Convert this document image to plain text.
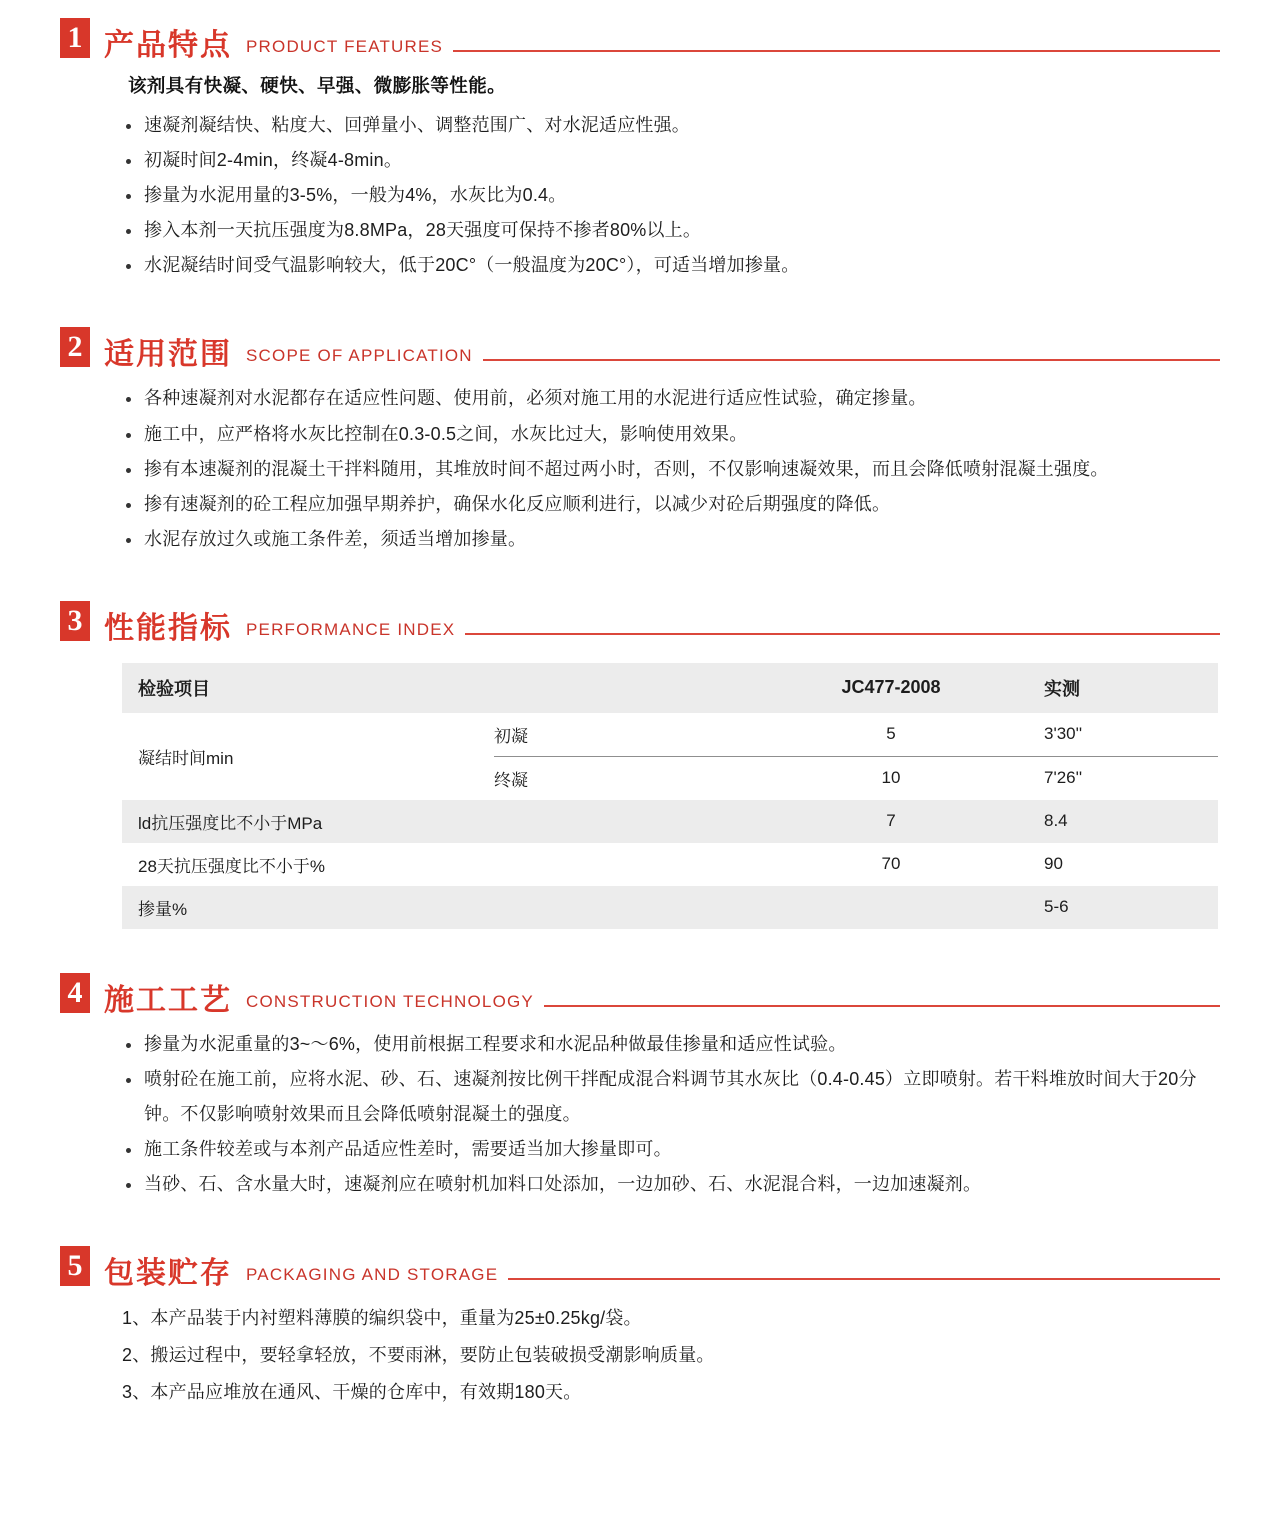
1 产品特点 PRODUCT FEATURES
该剂具有快凝、硬快、早强、微膨胀等性能。
速凝剂凝结快、粘度大、回弹量小、调整范围广、对水泥适应性强。
初凝时间2-4min，终凝4-8min。
掺量为水泥用量的3-5%，一般为4%，水灰比为0.4。
掺入本剂一天抗压强度为8.8MPa，28天强度可保持不掺者80%以上。
水泥凝结时间受气温影响较大，低于20C°（一般温度为20C°），可适当增加掺量。
2 适用范围 SCOPE OF APPLICATION
各种速凝剂对水泥都存在适应性问题、使用前，必须对施工用的水泥进行适应性试验，确定掺量。
施工中，应严格将水灰比控制在0.3-0.5之间，水灰比过大，影响使用效果。
掺有本速凝剂的混凝土干拌料随用，其堆放时间不超过两小时，否则，不仅影响速凝效果，而且会降低喷射混凝土强度。
掺有速凝剂的砼工程应加强早期养护，确保水化反应顺利进行，以减少对砼后期强度的降低。
水泥存放过久或施工条件差，须适当增加掺量。
3 性能指标 PERFORMANCE INDEX
检验项目		JC477-2008	实测
凝结时间min	初凝	5	3'30''
	终凝	10	7'26''
ld抗压强度比不小于MPa		7	8.4
28天抗压强度比不小于%		70	90
掺量%			5-6
4 施工工艺 CONSTRUCTION TECHNOLOGY
掺量为水泥重量的3~～6%，使用前根据工程要求和水泥品种做最佳掺量和适应性试验。
喷射砼在施工前，应将水泥、砂、石、速凝剂按比例干拌配成混合料调节其水灰比（0.4-0.45）立即喷射。若干料堆放时间大于20分钟。不仅影响喷射效果而且会降低喷射混凝土的强度。
施工条件较差或与本剂产品适应性差时，需要适当加大掺量即可。
当砂、石、含水量大时，速凝剂应在喷射机加料口处添加，一边加砂、石、水泥混合料，一边加速凝剂。
5 包装贮存 PACKAGING AND STORAGE
1、本产品装于内衬塑料薄膜的编织袋中，重量为25±0.25kg/袋。
2、搬运过程中，要轻拿轻放，不要雨淋，要防止包装破损受潮影响质量。
3、本产品应堆放在通风、干燥的仓库中，有效期180天。
